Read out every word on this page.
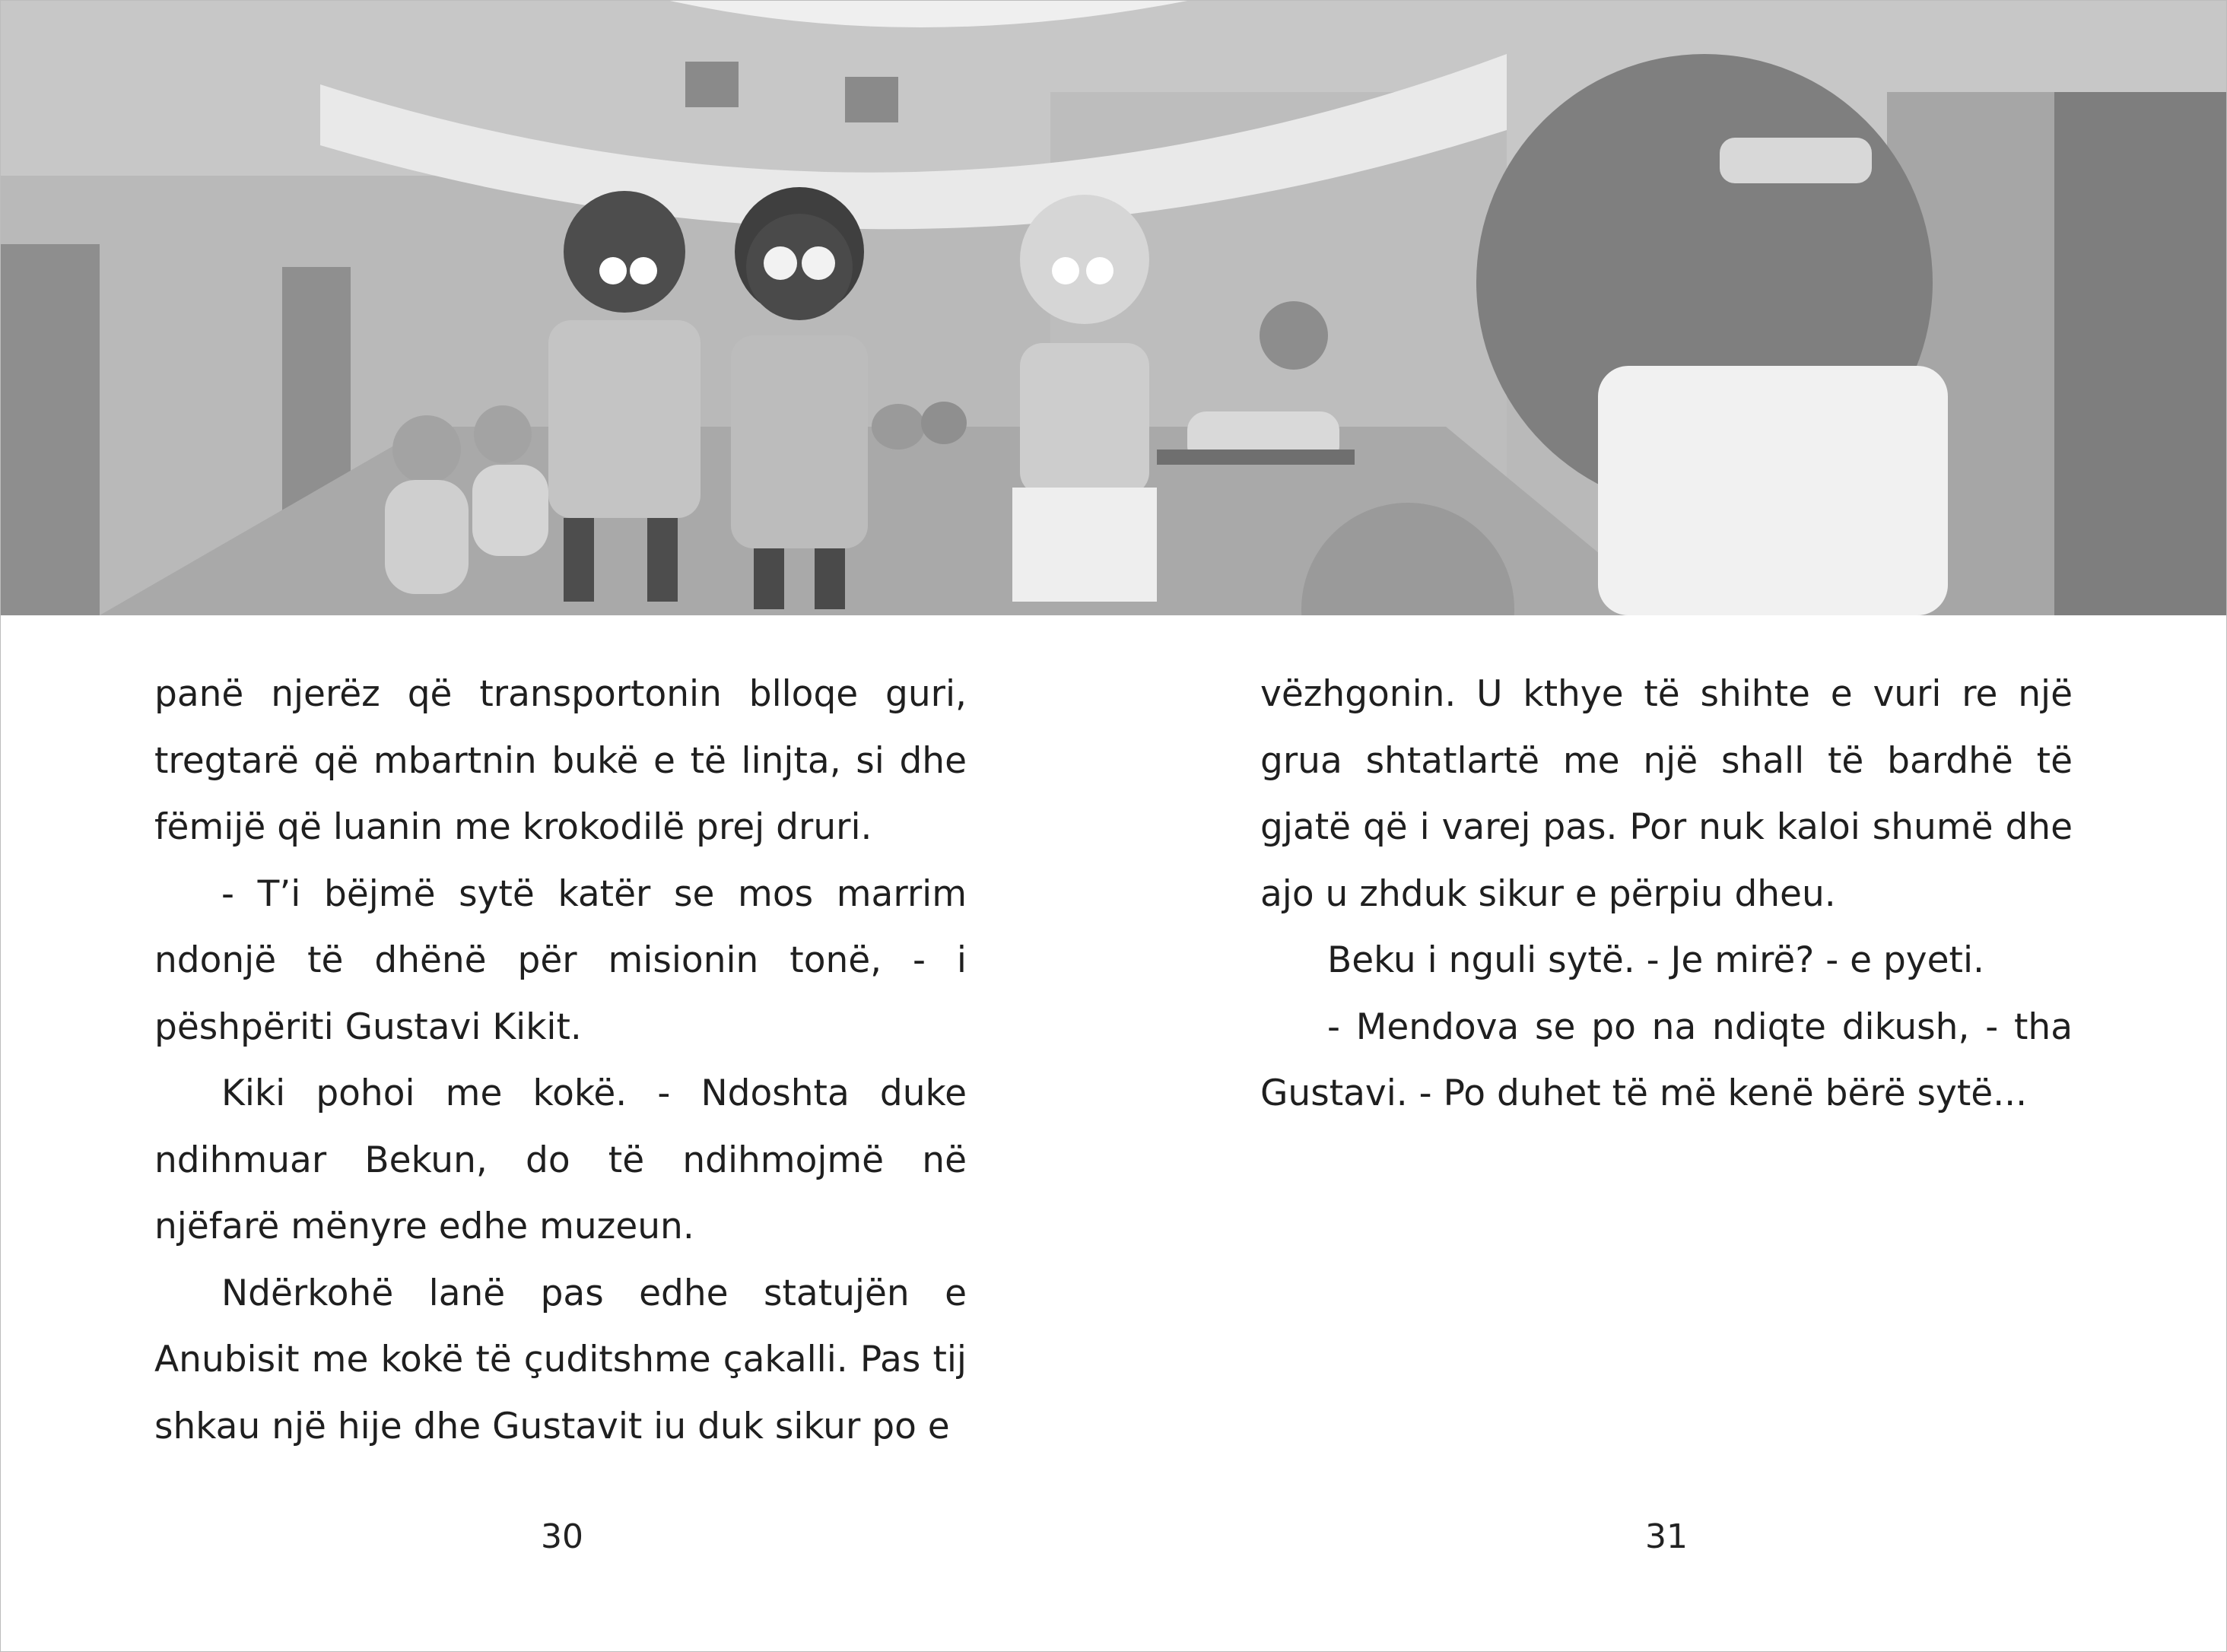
panë njerëz që transportonin blloqe guri, tregtarë që mbartnin bukë e të linjta, si dhe fëmijë që luanin me krokodilë prej druri.

- T’i bëjmë sytë katër se mos marrim ndonjë të dhënë për misionin tonë, - i pëshpëriti Gustavi Kikit.

Kiki pohoi me kokë. - Ndoshta duke ndihmuar Bekun, do të ndihmojmë në njëfarë mënyre edhe muzeun.

Ndërkohë lanë pas edhe statujën e Anubisit me kokë të çuditshme çakalli. Pas tij shkau një hije dhe Gustavit iu duk sikur po e

vëzhgonin. U kthye të shihte e vuri re një grua shtatlartë me një shall të bardhë të gjatë që i varej pas. Por nuk kaloi shumë dhe ajo u zhduk sikur e përpiu dheu.

Beku i nguli sytë. - Je mirë? - e pyeti.

- Mendova se po na ndiqte dikush, - tha Gustavi. - Po duhet të më kenë bërë sytë...

30	31
